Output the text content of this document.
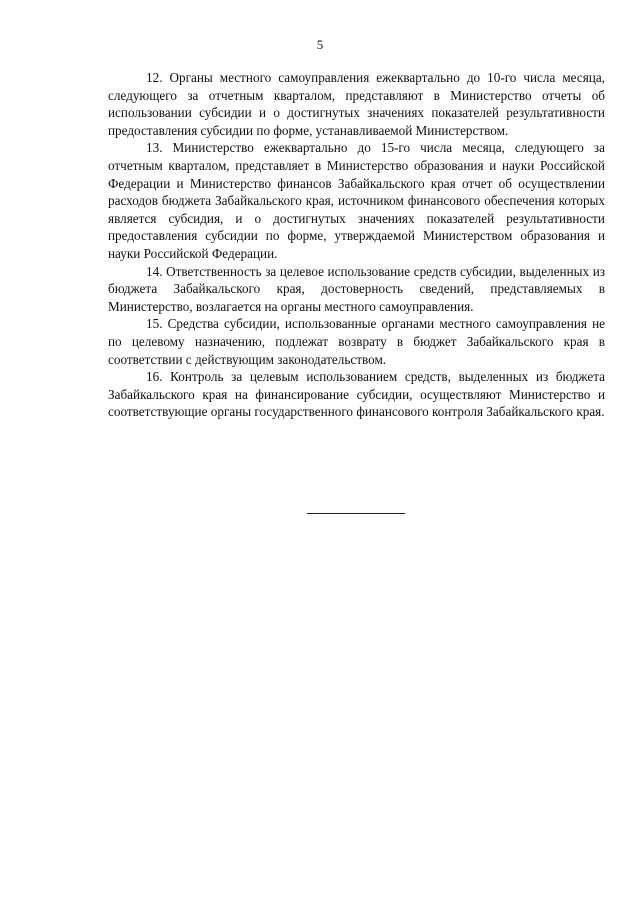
5

12. Органы местного самоуправления ежеквартально до 10-го числа месяца, следующего за отчетным кварталом, представляют в Министерство отчеты об использовании субсидии и о достигнутых значениях показателей результативности предоставления субсидии по форме, устанавливаемой Министерством.

13. Министерство ежеквартально до 15-го числа месяца, следующего за отчетным кварталом, представляет в Министерство образования и науки Российской Федерации и Министерство финансов Забайкальского края отчет об осуществлении расходов бюджета Забайкальского края, источником финансового обеспечения которых является субсидия, и о достигнутых значениях показателей результативности предоставления субсидии по форме, утверждаемой Министерством образования и науки Российской Федерации.

14. Ответственность за целевое использование средств субсидии, выделенных из бюджета Забайкальского края, достоверность сведений, представляемых в Министерство, возлагается на органы местного самоуправления.

15. Средства субсидии, использованные органами местного самоуправления не по целевому назначению, подлежат возврату в бюджет Забайкальского края в соответствии с действующим законодательством.

16. Контроль за целевым использованием средств, выделенных из бюджета Забайкальского края на финансирование субсидии, осуществляют Министерство и соответствующие органы государственного финансового контроля Забайкальского края.
